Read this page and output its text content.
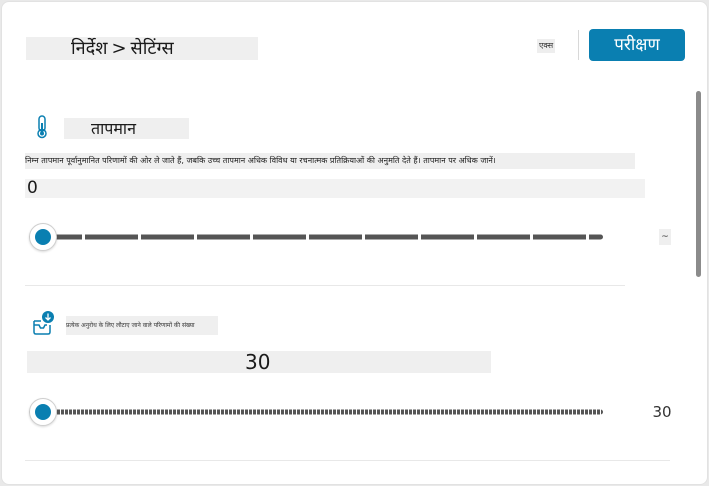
निर्देश > सेटिंग्स	एक्स	परीक्षण
तापमान
निम्न तापमान पूर्वानुमानित परिणामों की ओर ले जाते हैं, जबकि उच्च तापमान अधिक विविध या रचनात्मक प्रतिक्रियाओं की अनुमति देते हैं। तापमान पर अधिक जानें।
0
~
प्रत्येक अनुरोध के लिए लौटाए जाने वाले परिणामों की संख्या
30
30
